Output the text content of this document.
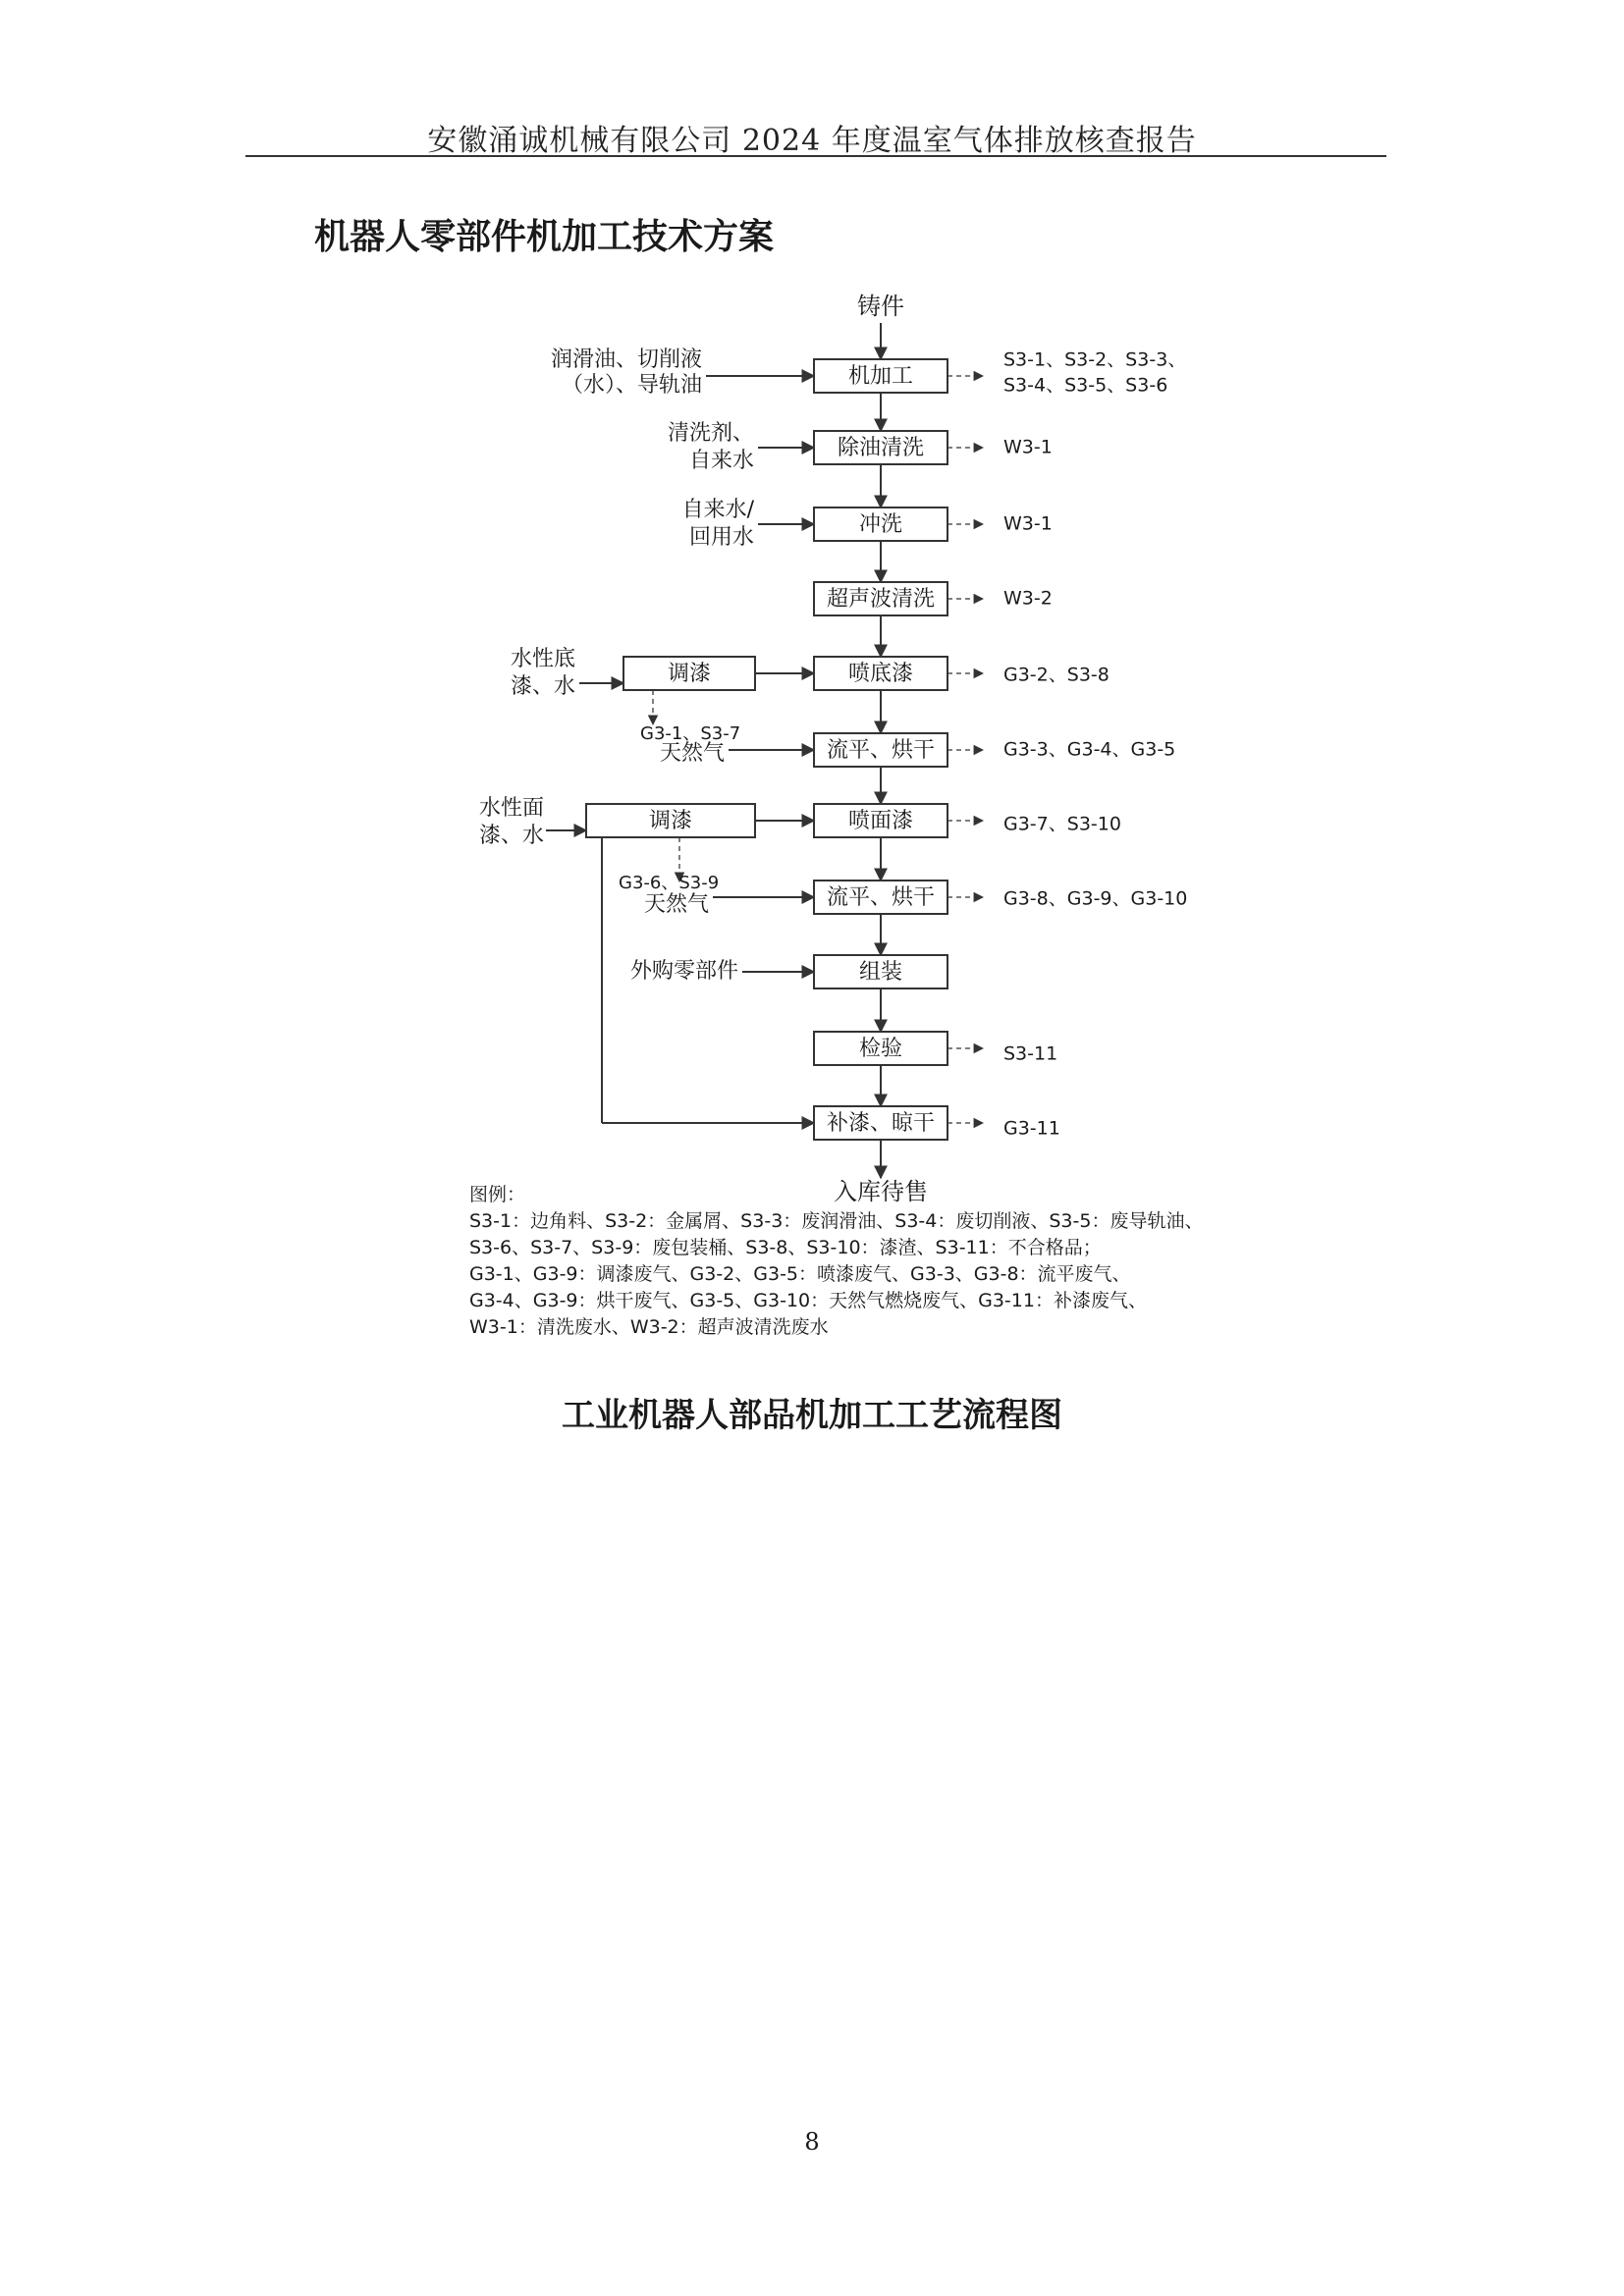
安徽涌诚机械有限公司 2024 年度温室气体排放核查报告
机器人零部件机加工技术方案
铸件
机加工
润滑油、切削液
（水）、导轨油
S3-1、S3-2、S3-3、
S3-4、S3-5、S3-6
除油清洗
清洗剂、
自来水
W3-1
冲洗
自来水/
回用水
W3-1
超声波清洗	W3-2
喷底漆	G3-2、S3-8
流平、烘干
天然气	G3-3、G3-4、G3-5
喷面漆	G3-7、S3-10
流平、烘干
天然气	G3-8、G3-9、G3-10
组装
外购零部件
检验	S3-11
补漆、晾干	G3-11
入库待售
调漆
水性底
漆、水
G3-1、S3-7
调漆
水性面
漆、水
G3-6、S3-9
图例：
S3-1：边角料、S3-2：金属屑、S3-3：废润滑油、S3-4：废切削液、S3-5：废导轨油、
S3-6、S3-7、S3-9：废包装桶、S3-8、S3-10：漆渣、S3-11：不合格品；
G3-1、G3-9：调漆废气、G3-2、G3-5：喷漆废气、G3-3、G3-8：流平废气、
G3-4、G3-9：烘干废气、G3-5、G3-10：天然气燃烧废气、G3-11：补漆废气、
W3-1：清洗废水、W3-2：超声波清洗废水
工业机器人部品机加工工艺流程图
8
